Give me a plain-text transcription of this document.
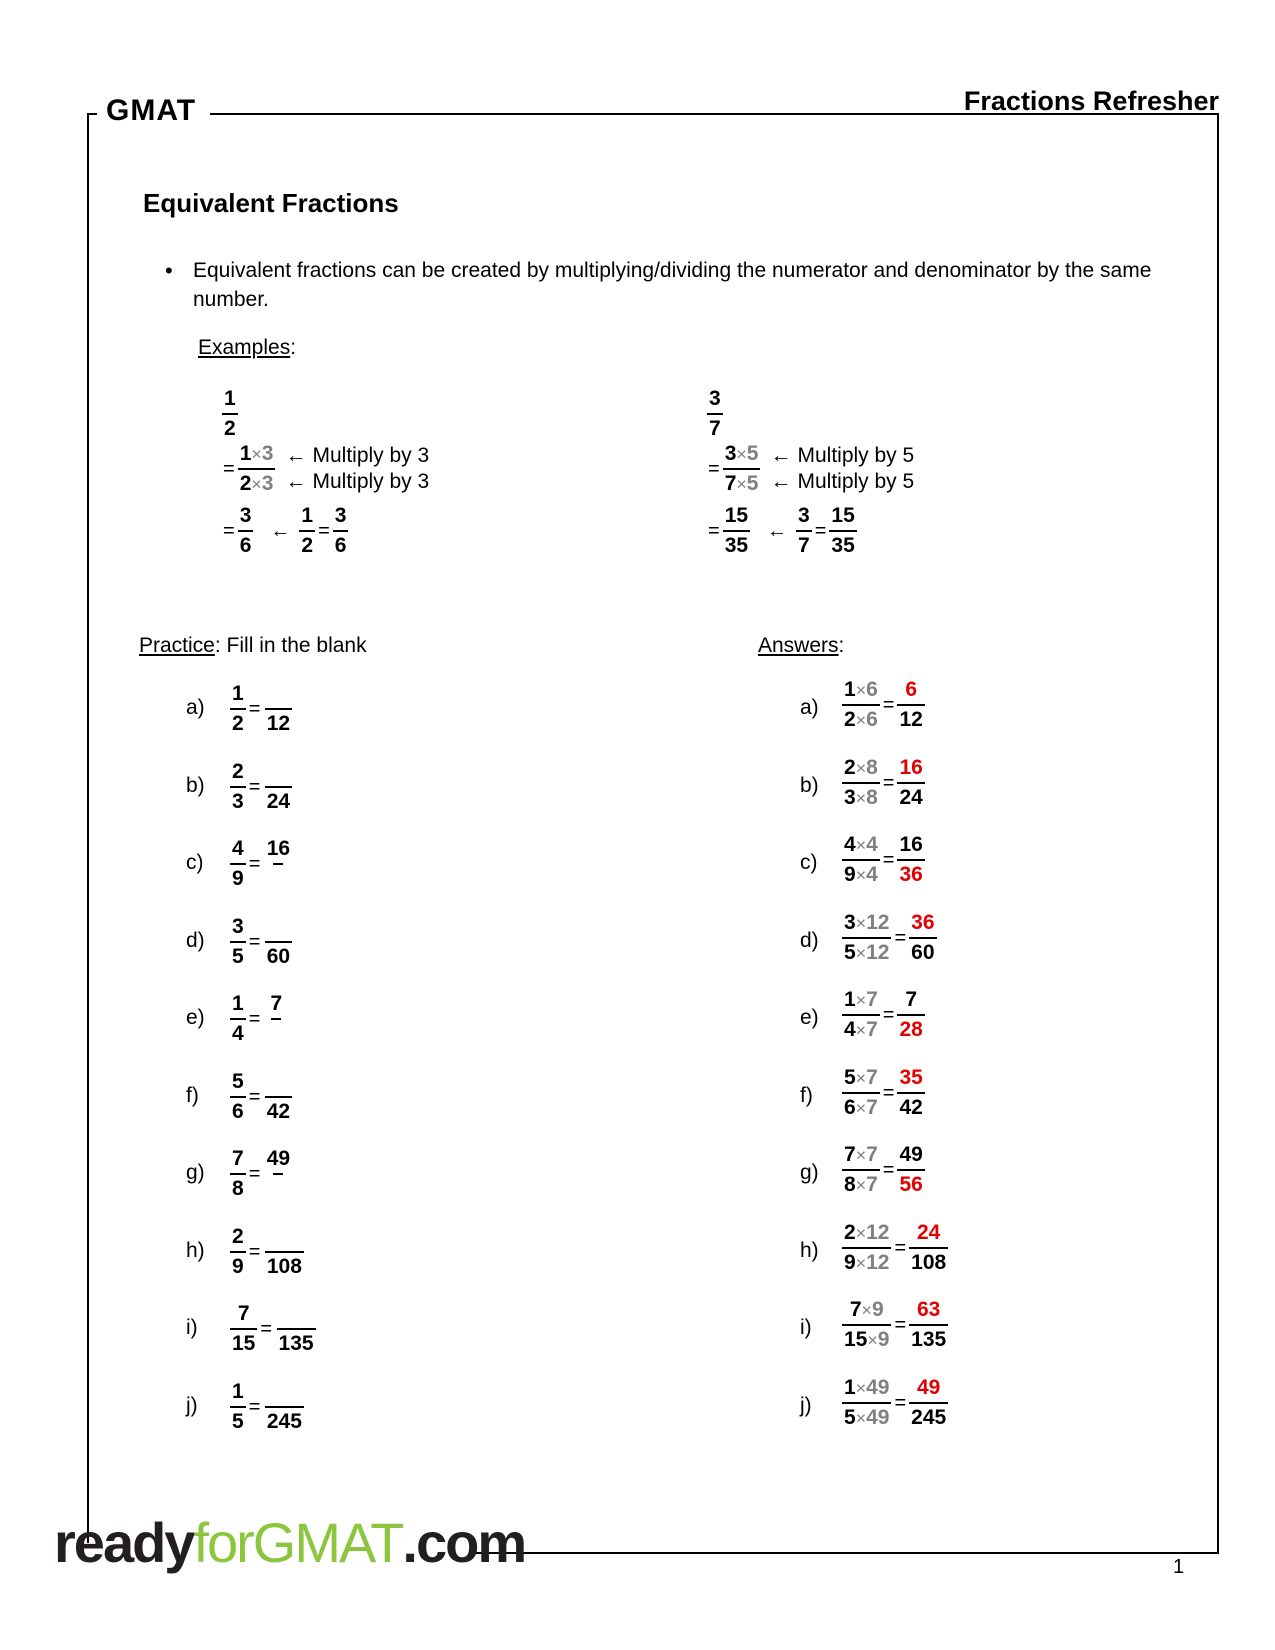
GMAT	Fractions Refresher
Equivalent Fractions
• Equivalent fractions can be created by multiplying/dividing the numerator and denominator by the same number.
Examples:
$\frac{1}{2}$
= $\frac{1\times 3}{2\times 3}$ ← Multiply by 3
← Multiply by 3
= $\frac{3}{6}$ ← $\frac{1}{2} = \frac{3}{6}$
$\frac{3}{7}$
= $\frac{3\times 5}{7\times 5}$ ← Multiply by 5
← Multiply by 5
= $\frac{15}{35}$ ← $\frac{3}{7} = \frac{15}{35}$
Practice: Fill in the blank	Answers:
$a) \frac{1}{2}$ =
12
$b) \frac{2}{3}$ =
24
$c) \frac{4}{9}$ =
16

$d) \frac{3}{5}$ =
60
$e) \frac{1}{4}$ =
7

$f) \frac{5}{6}$ =
42
$g) \frac{7}{8}$ =
49

$h) \frac{2}{9}$ =
108
$i) \frac{7}{15}$ =
135
$j) \frac{1}{5}$ =
245
$a) \frac{1\times 6}{2\times 6} = \frac{6}{12}$
$b) \frac{2\times 8}{3\times 8} = \frac{16}{24}$
$c) \frac{4\times 4}{9\times 4} = \frac{16}{36}$
$d) \frac{3\times 12}{5\times 12} = \frac{36}{60}$
$e) \frac{1\times 7}{4\times 7} = \frac{7}{28}$
$f) \frac{5\times 7}{6\times 7} = \frac{35}{42}$
$g) \frac{7\times 7}{8\times 7} = \frac{49}{56}$
$h) \frac{2\times 12}{9\times 12} = \frac{24}{108}$
$i) \frac{7\times 9}{15\times 9} = \frac{63}{135}$
$j) \frac{1\times 49}{5\times 49} = \frac{49}{245}$
readyforGMAT.com	1
